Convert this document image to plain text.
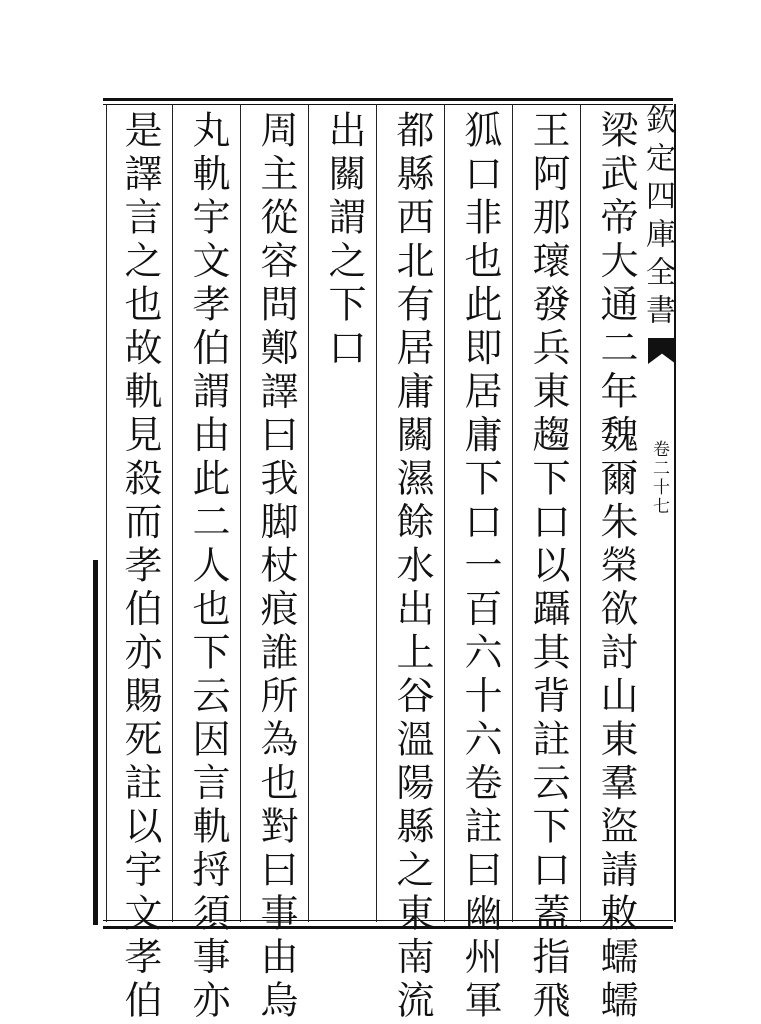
梁武帝大通二年魏爾朱榮欲討山東羣盜請敕蠕蠕
王阿那瓌發兵東趨下口以躡其背註云下口蓋指飛
狐口非也此即居庸下口一百六十六卷註曰幽州軍
都縣西北有居庸關濕餘水出上谷溫陽縣之東南流
出關謂之下口
周主從容問鄭譯曰我脚杖痕誰所為也對曰事由烏
丸軌宇文孝伯謂由此二人也下云因言軌捋須事亦
是譯言之也故軌見殺而孝伯亦賜死註以宇文孝伯	欽定四庫全書
卷二十七
